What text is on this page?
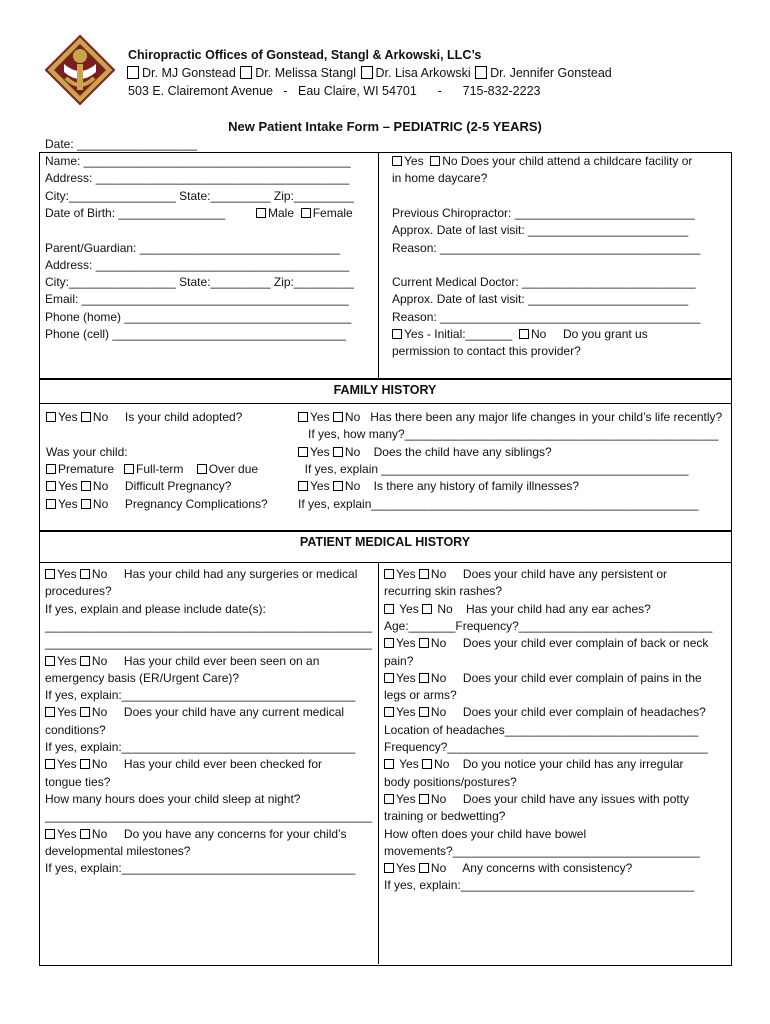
Chiropractic Offices of Gonstead, Stangl & Arkowski, LLC’s
Dr. MJ Gonstead Dr. Melissa Stangl Dr. Lisa Arkowski Dr. Jennifer Gonstead
503 E. Clairemont Avenue   -   Eau Claire, WI 54701      -      715-832-2223
New Patient Intake Form – PEDIATRIC (2-5 YEARS)
Date: __________________
Name: ________________________________________
Address: ______________________________________
City:________________ State:_________ Zip:_________
Date of Birth: ________________
Parent/Guardian: ______________________________
Address: ______________________________________
City:________________ State:_________ Zip:_________
Email: ________________________________________
Phone (home) __________________________________
Phone (cell) ___________________________________
Male  Female
Yes  No Does your child attend a childcare facility or
in home daycare?
Previous Chiropractor: ___________________________
Approx. Date of last visit: ________________________
Reason: _______________________________________
Current Medical Doctor: __________________________
Approx. Date of last visit: ________________________
Reason: _______________________________________
Yes - Initial:_______  No     Do you grant us
permission to contact this provider?
FAMILY HISTORY
Yes No     Is your child adopted?
Was your child:
Premature   Full-term    Over due
Yes No     Difficult Pregnancy?
Yes No     Pregnancy Complications?
Yes No   Has there been any major life changes in your child’s life recently?
If yes, how many?_______________________________________________
Yes No    Does the child have any siblings?
If yes, explain ______________________________________________
Yes No    Is there any history of family illnesses?
If yes, explain_________________________________________________
PATIENT MEDICAL HISTORY
Yes No     Has your child had any surgeries or medical
procedures?
If yes, explain and please include date(s):
_________________________________________________
_________________________________________________
Yes No     Has your child ever been seen on an
emergency basis (ER/Urgent Care)?
If yes, explain:___________________________________
Yes No     Does your child have any current medical
conditions?
If yes, explain:___________________________________
Yes No     Has your child ever been checked for
tongue ties?
How many hours does your child sleep at night?
_________________________________________________
Yes No     Do you have any concerns for your child’s
developmental milestones?
If yes, explain:___________________________________
Yes No     Does your child have any persistent or
recurring skin rashes?
Yes  No    Has your child had any ear aches?
Age:_______Frequency?_____________________________
Yes No     Does your child ever complain of back or neck
pain?
Yes No     Does your child ever complain of pains in the
legs or arms?
Yes No     Does your child ever complain of headaches?
Location of headaches_____________________________
Frequency?_______________________________________
Yes No    Do you notice your child has any irregular
body positions/postures?
Yes No     Does your child have any issues with potty
training or bedwetting?
How often does your child have bowel
movements?_____________________________________
Yes No     Any concerns with consistency?
If yes, explain:___________________________________
